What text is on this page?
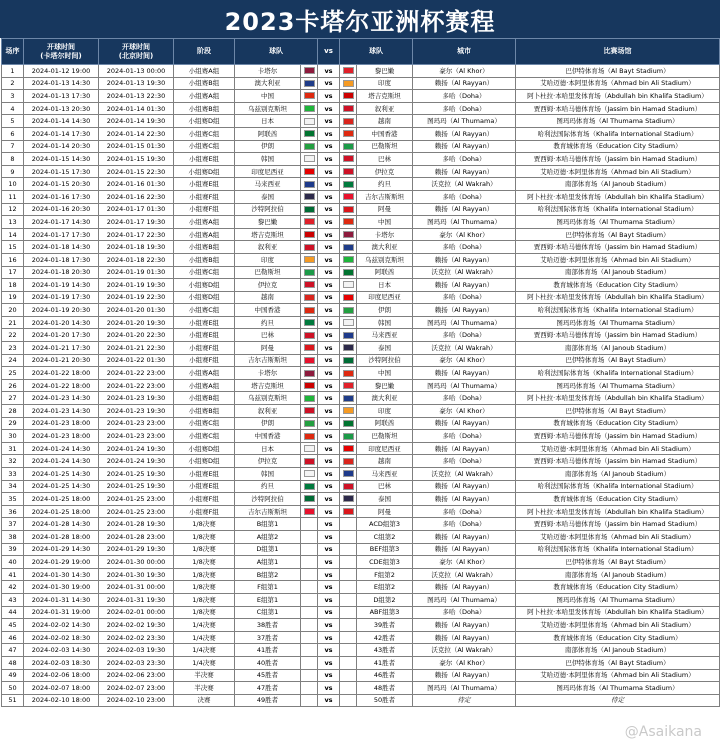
2023卡塔尔亚洲杯赛程
场序	开球时间
(卡塔尔时间)	开球时间
(北京时间)	阶段	球队		vs	球队		城市	比赛场馆
1	2024-01-12 19:00	2024-01-13 00:00	小组赛A组	卡塔尔		vs		黎巴嫩	豪尔（Al Khor）	巴伊特体育场（Al Bayt Stadium）
2	2024-01-13 14:30	2024-01-13 19:30	小组赛B组	澳大利亚		vs		印度	赖扬（Al Rayyan）	艾哈迈德·本阿里体育场（Ahmad bin Ali Stadium）
3	2024-01-13 17:30	2024-01-13 22:30	小组赛A组	中国		vs		塔吉克斯坦	多哈（Doha）	阿卜杜拉·本哈里发体育场（Abdullah bin Khalifa Stadium）
4	2024-01-13 20:30	2024-01-14 01:30	小组赛B组	乌兹别克斯坦		vs		叙利亚	多哈（Doha）	贾西姆·本哈马德体育场（Jassim bin Hamad Stadium）
5	2024-01-14 14:30	2024-01-14 19:30	小组赛D组	日本		vs		越南	图玛玛（Al Thumama）	图玛玛体育场（Al Thumama Stadium）
6	2024-01-14 17:30	2024-01-14 22:30	小组赛C组	阿联酋		vs		中国香港	赖扬（Al Rayyan）	哈利法国际体育场（Khalifa International Stadium）
7	2024-01-14 20:30	2024-01-15 01:30	小组赛C组	伊朗		vs		巴勒斯坦	赖扬（Al Rayyan）	教育城体育场（Education City Stadium）
8	2024-01-15 14:30	2024-01-15 19:30	小组赛E组	韩国		vs		巴林	多哈（Doha）	贾西姆·本哈马德体育场（Jassim bin Hamad Stadium）
9	2024-01-15 17:30	2024-01-15 22:30	小组赛D组	印度尼西亚		vs		伊拉克	赖扬（Al Rayyan）	艾哈迈德·本阿里体育场（Ahmad bin Ali Stadium）
10	2024-01-15 20:30	2024-01-16 01:30	小组赛E组	马来西亚		vs		约旦	沃克拉（Al Wakrah）	南部体育场（Al Janoub Stadium）
11	2024-01-16 17:30	2024-01-16 22:30	小组赛F组	泰国		vs		吉尔吉斯斯坦	多哈（Doha）	阿卜杜拉·本哈里发体育场（Abdullah bin Khalifa Stadium）
12	2024-01-16 20:30	2024-01-17 01:30	小组赛F组	沙特阿拉伯		vs		阿曼	赖扬（Al Rayyan）	哈利法国际体育场（Khalifa International Stadium）
13	2024-01-17 14:30	2024-01-17 19:30	小组赛A组	黎巴嫩		vs		中国	图玛玛（Al Thumama）	图玛玛体育场（Al Thumama Stadium）
14	2024-01-17 17:30	2024-01-17 22:30	小组赛A组	塔吉克斯坦		vs		卡塔尔	豪尔（Al Khor）	巴伊特体育场（Al Bayt Stadium）
15	2024-01-18 14:30	2024-01-18 19:30	小组赛B组	叙利亚		vs		澳大利亚	多哈（Doha）	贾西姆·本哈马德体育场（Jassim bin Hamad Stadium）
16	2024-01-18 17:30	2024-01-18 22:30	小组赛B组	印度		vs		乌兹别克斯坦	赖扬（Al Rayyan）	艾哈迈德·本阿里体育场（Ahmad bin Ali Stadium）
17	2024-01-18 20:30	2024-01-19 01:30	小组赛C组	巴勒斯坦		vs		阿联酋	沃克拉（Al Wakrah）	南部体育场（Al Janoub Stadium）
18	2024-01-19 14:30	2024-01-19 19:30	小组赛D组	伊拉克		vs		日本	赖扬（Al Rayyan）	教育城体育场（Education City Stadium）
19	2024-01-19 17:30	2024-01-19 22:30	小组赛D组	越南		vs		印度尼西亚	多哈（Doha）	阿卜杜拉·本哈里发体育场（Abdullah bin Khalifa Stadium）
20	2024-01-19 20:30	2024-01-20 01:30	小组赛C组	中国香港		vs		伊朗	赖扬（Al Rayyan）	哈利法国际体育场（Khalifa International Stadium）
21	2024-01-20 14:30	2024-01-20 19:30	小组赛E组	约旦		vs		韩国	图玛玛（Al Thumama）	图玛玛体育场（Al Thumama Stadium）
22	2024-01-20 17:30	2024-01-20 22:30	小组赛E组	巴林		vs		马来西亚	多哈（Doha）	贾西姆·本哈马德体育场（Jassim bin Hamad Stadium）
23	2024-01-21 17:30	2024-01-21 22:30	小组赛F组	阿曼		vs		泰国	沃克拉（Al Wakrah）	南部体育场（Al Janoub Stadium）
24	2024-01-21 20:30	2024-01-22 01:30	小组赛F组	吉尔吉斯斯坦		vs		沙特阿拉伯	豪尔（Al Khor）	巴伊特体育场（Al Bayt Stadium）
25	2024-01-22 18:00	2024-01-22 23:00	小组赛A组	卡塔尔		vs		中国	赖扬（Al Rayyan）	哈利法国际体育场（Khalifa International Stadium）
26	2024-01-22 18:00	2024-01-22 23:00	小组赛A组	塔吉克斯坦		vs		黎巴嫩	图玛玛（Al Thumama）	图玛玛体育场（Al Thumama Stadium）
27	2024-01-23 14:30	2024-01-23 19:30	小组赛B组	乌兹别克斯坦		vs		澳大利亚	多哈（Doha）	阿卜杜拉·本哈里发体育场（Abdullah bin Khalifa Stadium）
28	2024-01-23 14:30	2024-01-23 19:30	小组赛B组	叙利亚		vs		印度	豪尔（Al Khor）	巴伊特体育场（Al Bayt Stadium）
29	2024-01-23 18:00	2024-01-23 23:00	小组赛C组	伊朗		vs		阿联酋	赖扬（Al Rayyan）	教育城体育场（Education City Stadium）
30	2024-01-23 18:00	2024-01-23 23:00	小组赛C组	中国香港		vs		巴勒斯坦	多哈（Doha）	贾西姆·本哈马德体育场（Jassim bin Hamad Stadium）
31	2024-01-24 14:30	2024-01-24 19:30	小组赛D组	日本		vs		印度尼西亚	赖扬（Al Rayyan）	艾哈迈德·本阿里体育场（Ahmad bin Ali Stadium）
32	2024-01-24 14:30	2024-01-24 19:30	小组赛D组	伊拉克		vs		越南	多哈（Doha）	贾西姆·本哈马德体育场（Jassim bin Hamad Stadium）
33	2024-01-25 14:30	2024-01-25 19:30	小组赛E组	韩国		vs		马来西亚	沃克拉（Al Wakrah）	南部体育场（Al Janoub Stadium）
34	2024-01-25 14:30	2024-01-25 19:30	小组赛E组	约旦		vs		巴林	赖扬（Al Rayyan）	哈利法国际体育场（Khalifa International Stadium）
35	2024-01-25 18:00	2024-01-25 23:00	小组赛F组	沙特阿拉伯		vs		泰国	赖扬（Al Rayyan）	教育城体育场（Education City Stadium）
36	2024-01-25 18:00	2024-01-25 23:00	小组赛F组	吉尔吉斯斯坦		vs		阿曼	多哈（Doha）	阿卜杜拉·本哈里发体育场（Abdullah bin Khalifa Stadium）
37	2024-01-28 14:30	2024-01-28 19:30	1/8决赛	B组第1		vs		ACD组第3	多哈（Doha）	贾西姆·本哈马德体育场（Jassim bin Hamad Stadium）
38	2024-01-28 18:00	2024-01-28 23:00	1/8决赛	A组第2		vs		C组第2	赖扬（Al Rayyan）	艾哈迈德·本阿里体育场（Ahmad bin Ali Stadium）
39	2024-01-29 14:30	2024-01-29 19:30	1/8决赛	D组第1		vs		BEF组第3	赖扬（Al Rayyan）	哈利法国际体育场（Khalifa International Stadium）
40	2024-01-29 19:00	2024-01-30 00:00	1/8决赛	A组第1		vs		CDE组第3	豪尔（Al Khor）	巴伊特体育场（Al Bayt Stadium）
41	2024-01-30 14:30	2024-01-30 19:30	1/8决赛	B组第2		vs		F组第2	沃克拉（Al Wakrah）	南部体育场（Al Janoub Stadium）
42	2024-01-30 19:00	2024-01-31 00:00	1/8决赛	F组第1		vs		E组第2	赖扬（Al Rayyan）	教育城体育场（Education City Stadium）
43	2024-01-31 14:30	2024-01-31 19:30	1/8决赛	E组第1		vs		D组第2	图玛玛（Al Thumama）	图玛玛体育场（Al Thumama Stadium）
44	2024-01-31 19:00	2024-02-01 00:00	1/8决赛	C组第1		vs		ABF组第3	多哈（Doha）	阿卜杜拉·本哈里发体育场（Abdullah bin Khalifa Stadium）
45	2024-02-02 14:30	2024-02-02 19:30	1/4决赛	38胜者		vs		39胜者	赖扬（Al Rayyan）	艾哈迈德·本阿里体育场（Ahmad bin Ali Stadium）
46	2024-02-02 18:30	2024-02-02 23:30	1/4决赛	37胜者		vs		42胜者	赖扬（Al Rayyan）	教育城体育场（Education City Stadium）
47	2024-02-03 14:30	2024-02-03 19:30	1/4决赛	41胜者		vs		43胜者	沃克拉（Al Wakrah）	南部体育场（Al Janoub Stadium）
48	2024-02-03 18:30	2024-02-03 23:30	1/4决赛	40胜者		vs		41胜者	豪尔（Al Khor）	巴伊特体育场（Al Bayt Stadium）
49	2024-02-06 18:00	2024-02-06 23:00	半决赛	45胜者		vs		46胜者	赖扬（Al Rayyan）	艾哈迈德·本阿里体育场（Ahmad bin Ali Stadium）
50	2024-02-07 18:00	2024-02-07 23:00	半决赛	47胜者		vs		48胜者	图玛玛（Al Thumama）	图玛玛体育场（Al Thumama Stadium）
51	2024-02-10 18:00	2024-02-10 23:00	决赛	49胜者		vs		50胜者	待定	待定
@Asaikana
